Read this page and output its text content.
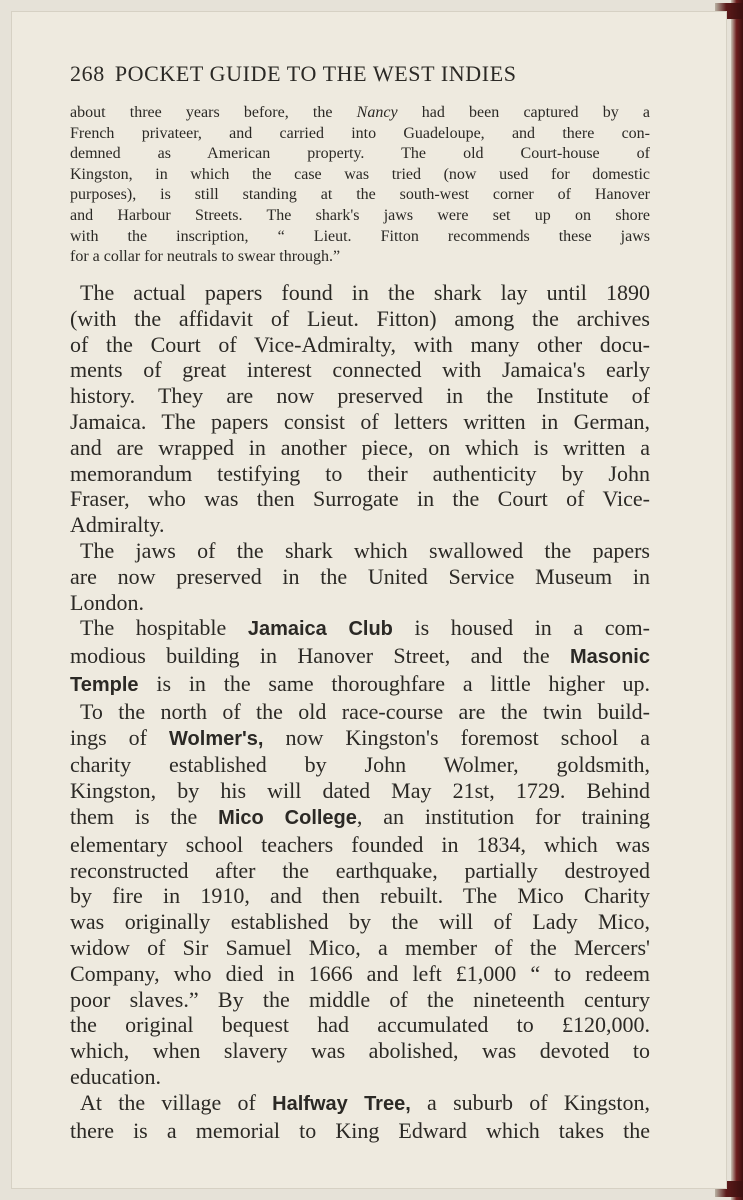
268 POCKET GUIDE TO THE WEST INDIES

about three years before, the Nancy had been captured by a

French privateer, and carried into Guadeloupe, and there con-

demned as American property. The old Court-house of

Kingston, in which the case was tried (now used for domestic

purposes), is still standing at the south-west corner of Hanover

and Harbour Streets. The shark's jaws were set up on shore

with the inscription, “ Lieut. Fitton recommends these jaws

for a collar for neutrals to swear through.”

The actual papers found in the shark lay until 1890

(with the affidavit of Lieut. Fitton) among the archives

of the Court of Vice-Admiralty, with many other docu-

ments of great interest connected with Jamaica's early

history. They are now preserved in the Institute of

Jamaica. The papers consist of letters written in German,

and are wrapped in another piece, on which is written a

memorandum testifying to their authenticity by John

Fraser, who was then Surrogate in the Court of Vice-

Admiralty.

The jaws of the shark which swallowed the papers

are now preserved in the United Service Museum in

London.

The hospitable Jamaica Club is housed in a com-

modious building in Hanover Street, and the Masonic

Temple is in the same thoroughfare a little higher up.

To the north of the old race-course are the twin build-

ings of Wolmer's, now Kingston's foremost school a

charity established by John Wolmer, goldsmith,

Kingston, by his will dated May 21st, 1729. Behind

them is the Mico College, an institution for training

elementary school teachers founded in 1834, which was

reconstructed after the earthquake, partially destroyed

by fire in 1910, and then rebuilt. The Mico Charity

was originally established by the will of Lady Mico,

widow of Sir Samuel Mico, a member of the Mercers'

Company, who died in 1666 and left £1,000 “ to redeem

poor slaves.” By the middle of the nineteenth century

the original bequest had accumulated to £120,000.

which, when slavery was abolished, was devoted to

education.

At the village of Halfway Tree, a suburb of Kingston,

there is a memorial to King Edward which takes the
